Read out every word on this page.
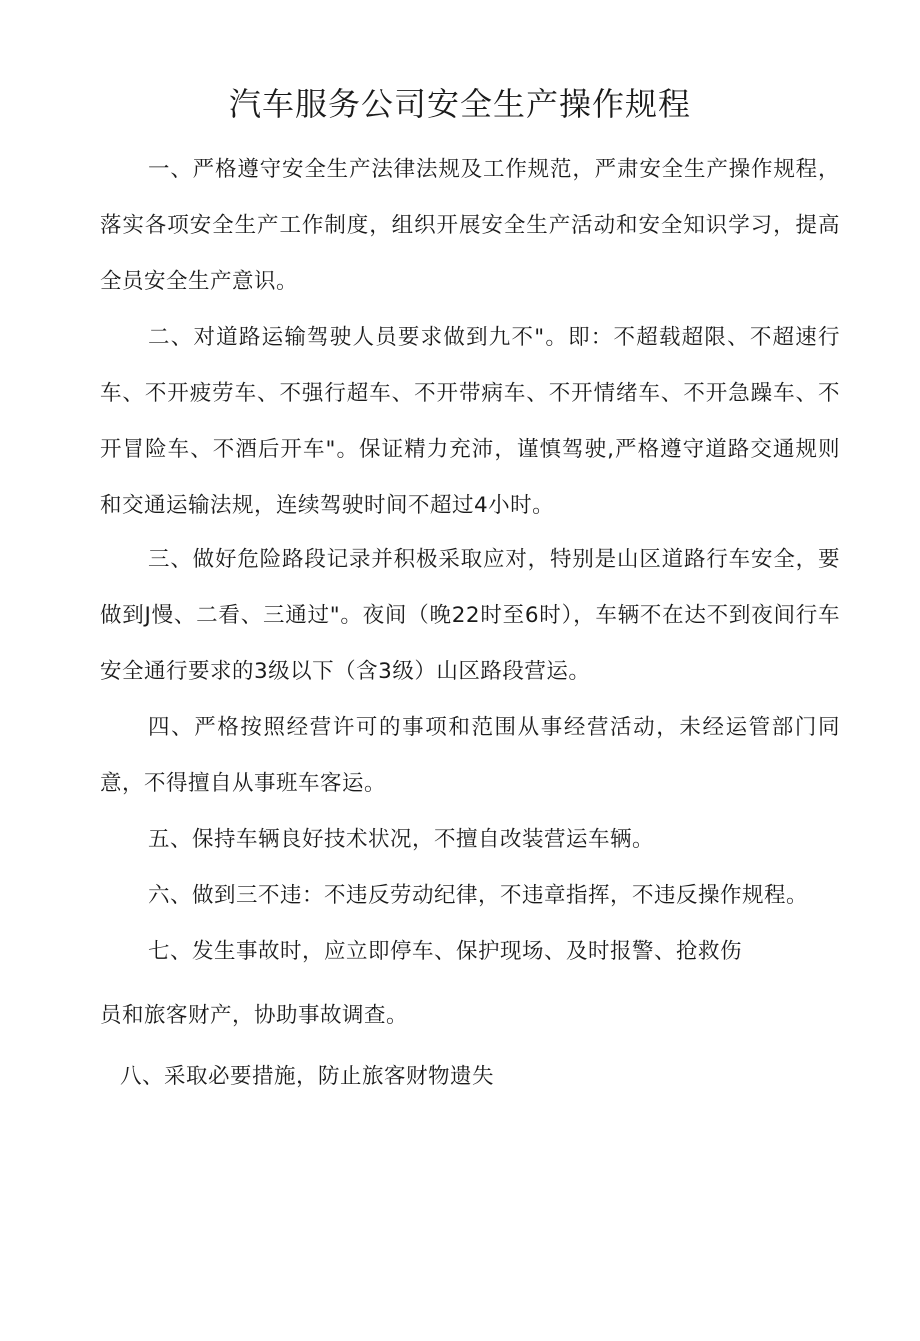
汽车服务公司安全生产操作规程

一、严格遵守安全生产法律法规及工作规范，严肃安全生产操作规程，落实各项安全生产工作制度，组织开展安全生产活动和安全知识学习，提高全员安全生产意识。

二、对道路运输驾驶人员要求做到九不"。即：不超载超限、不超速行车、不开疲劳车、不强行超车、不开带病车、不开情绪车、不开急躁车、不开冒险车、不酒后开车"。保证精力充沛，谨慎驾驶,严格遵守道路交通规则和交通运输法规，连续驾驶时间不超过4小时。

三、做好危险路段记录并积极采取应对，特别是山区道路行车安全，要做到J慢、二看、三通过"。夜间（晚22时至6时），车辆不在达不到夜间行车安全通行要求的3级以下（含3级）山区路段营运。

四、严格按照经营许可的事项和范围从事经营活动，未经运管部门同意，不得擅自从事班车客运。

五、保持车辆良好技术状况，不擅自改装营运车辆。

六、做到三不违：不违反劳动纪律，不违章指挥，不违反操作规程。

七、发生事故时，应立即停车、保护现场、及时报警、抢救伤

员和旅客财产，协助事故调查。

八、采取必要措施，防止旅客财物遗失
